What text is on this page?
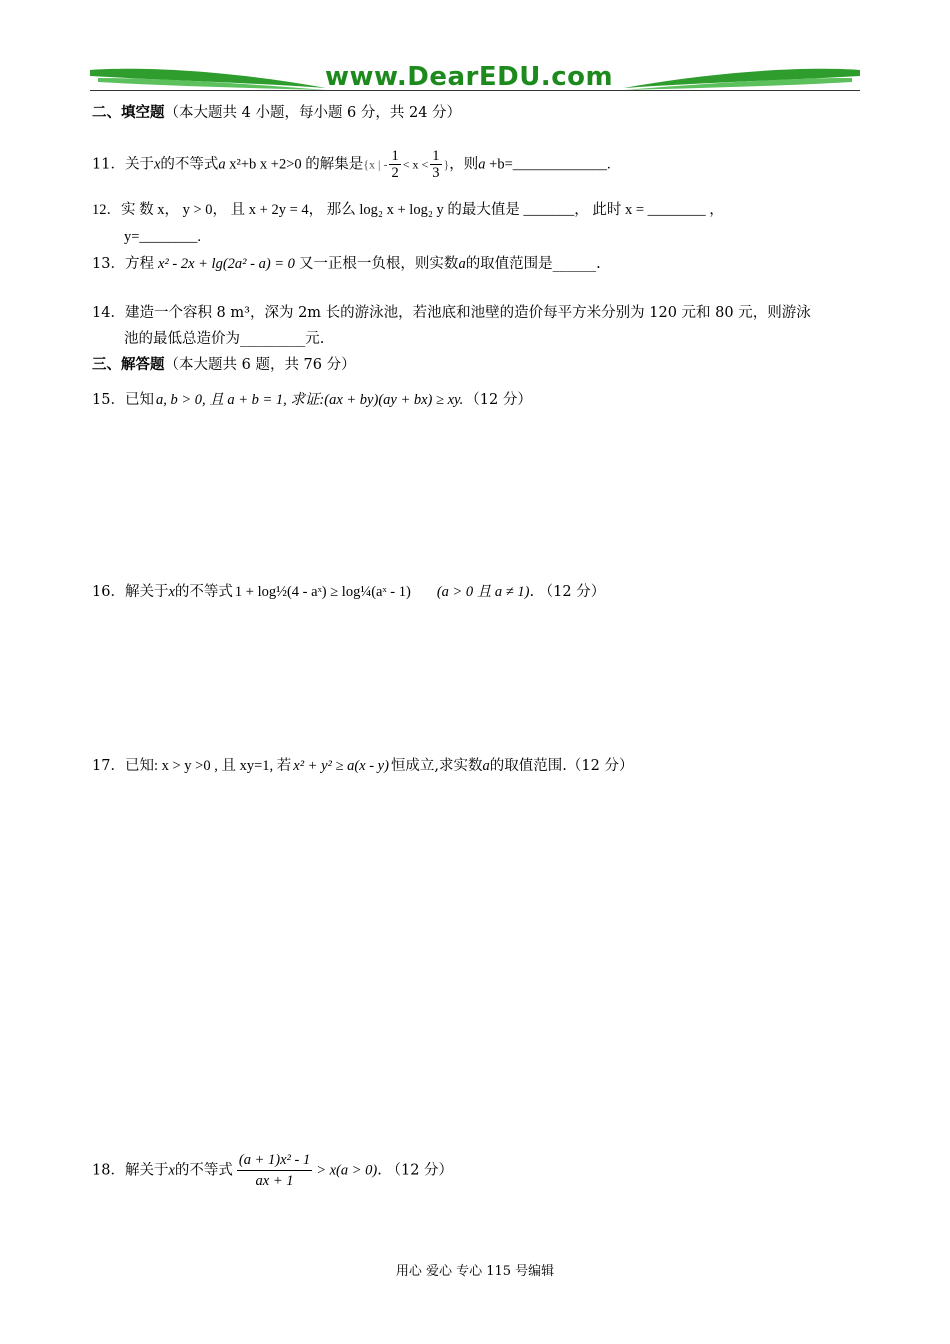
www.DearEDU.com
二、填空题（本大题共 4 小题，每小题 6 分，共 24 分）
11．关于x的不等式a x²+b x +2>0 的解集是{x | - $\frac{1}{2} < x < \frac{1}{3}$ }，则a +b=_____________.
12．实 数 x， y > 0， 且 x + 2y = 4， 那么 log₂ x + log₂ y 的最大值是 _______， 此时 x = ________ ，
y=________.
13．方程 x² - 2x + lg(2a² - a) = 0 又一正根一负根，则实数a的取值范围是______.
14．建造一个容积 8 m³，深为 2m 长的游泳池，若池底和池壁的造价每平方米分别为 120 元和 80 元，则游泳
池的最低总造价为_________元.
三、解答题（本大题共 6 题，共 76 分）
15．已知 a, b > 0, 且 a + b = 1, 求证:(ax + by)(ay + bx) ≥ xy. （12 分）
16．解关于x的不等式 1 + log½(4 - aˣ) ≥ log¼(aˣ - 1) (a > 0 且 a ≠ 1). （12 分）
17．已知: x > y >0 , 且 xy=1, 若 x² + y² ≥ a(x - y) 恒成立,求实数a的取值范围.（12 分）
18．解关于x的不等式 $\frac{\text{(a + 1)x² - 1}}{ax + 1} > x(a > 0)$. （12 分）
用心 爱心 专心 115 号编辑
